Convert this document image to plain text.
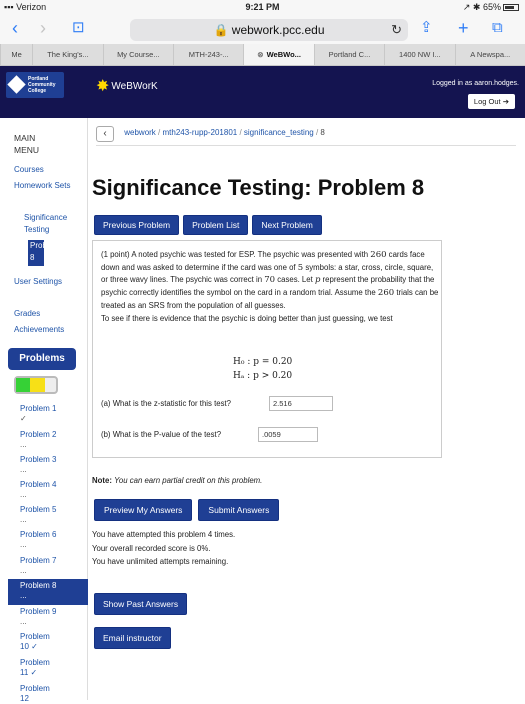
▪▪▪ Verizon	9:21 PM	↗ ✱ 65%
‹ › ⊡	🔒 webwork.pcc.edu	↻ ⇪ + ⧉
Me	The King's...	My Course...	MTH-243-...	⊗ WeBWo...	Portland C...	1400 NW I...	A Newspa...
Portland
Community
College	✸ WeBWorK	Logged in as aaron.hodges.
Log Out ➔
MAIN
MENU
Courses
Homework Sets
Significance Testing
Probl
8
User Settings
Grades
Achievements
Problems
Problem 1
✓
Problem 2
...
Problem 3
...
Problem 4
...
Problem 5
...
Problem 6
...
Problem 7
...
Problem 8
...
Problem 9
...
Problem 10 ✓
Problem 11 ✓
Problem 12
‹ webwork / mth243-rupp-201801 / significance_testing / 8
Significance Testing: Problem 8
Previous Problem	Problem List	Next Problem
(1 point) A noted psychic was tested for ESP. The psychic was presented with 260 cards face down and was asked to determine if the card was one of 5 symbols: a star, cross, circle, square, or three wavy lines. The psychic was correct in 70 cases. Let p represent the probability that the psychic correctly identifies the symbol on the card in a random trial. Assume the 260 trials can be treated as an SRS from the population of all guesses.
To see if there is evidence that the psychic is doing better than just guessing, we test
H₀ : p = 0.20
Hₐ : p > 0.20
(a) What is the z-statistic for this test?	2.516
(b) What is the P-value of the test?	.0059
Note: You can earn partial credit on this problem.
Preview My Answers	Submit Answers
You have attempted this problem 4 times.
Your overall recorded score is 0%.
You have unlimited attempts remaining.
Show Past Answers
Email instructor
